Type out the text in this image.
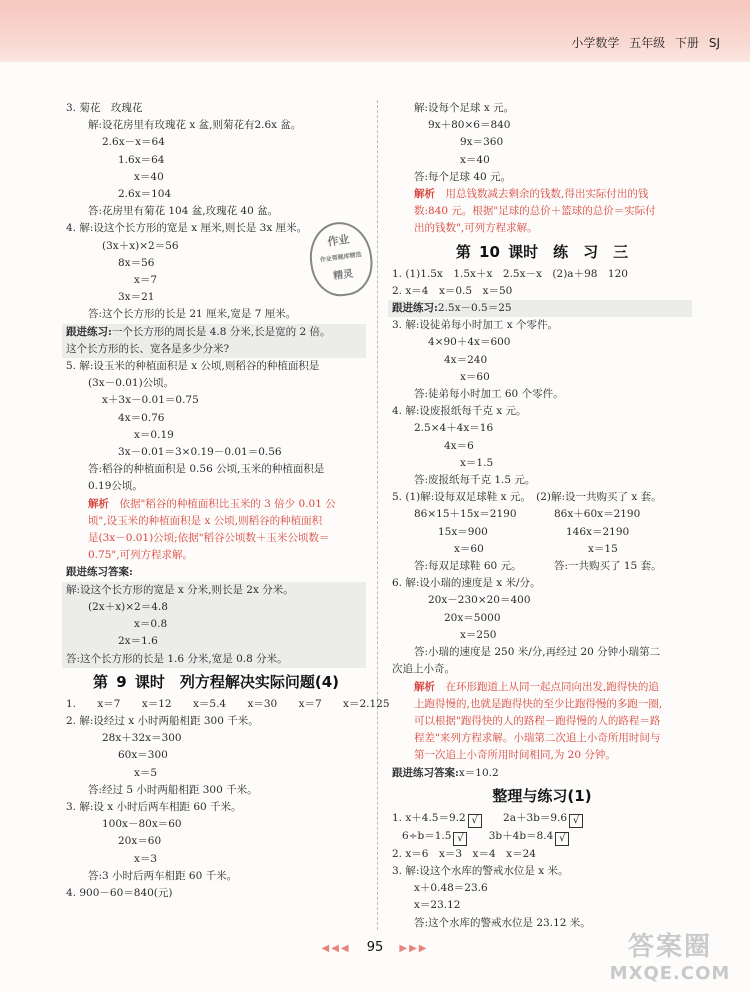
小学数学 五年级 下册 SJ
3. 菊花　玫瑰花
解:设花房里有玫瑰花 x 盆,则菊花有2.6x 盆。
2.6x－x＝64
1.6x＝64
x＝40
2.6x＝104
答:花房里有菊花 104 盆,玫瑰花 40 盆。
4. 解:设这个长方形的宽是 x 厘米,则长是 3x 厘米。
(3x＋x)×2＝56
8x＝56
x＝7
3x＝21
答:这个长方形的长是 21 厘米,宽是 7 厘米。
跟进练习:一个长方形的周长是 4.8 分米,长是宽的 2 倍。
这个长方形的长、宽各是多少分米?
5. 解:设玉米的种植面积是 x 公顷,则稻谷的种植面积是
(3x－0.01)公顷。
x＋3x－0.01＝0.75
4x＝0.76
x＝0.19
3x－0.01＝3×0.19－0.01＝0.56
答:稻谷的种植面积是 0.56 公顷,玉米的种植面积是
0.19公顷。
解析　 依据"稻谷的种植面积比玉米的 3 倍少 0.01 公
顷",设玉米的种植面积是 x 公顷,则稻谷的种植面积
是(3x－0.01)公顷;依据"稻谷公顷数＋玉米公顷数＝
0.75",可列方程求解。
跟进练习答案:
解:设这个长方形的宽是 x 分米,则长是 2x 分米。
(2x＋x)×2＝4.8
x＝0.8
2x＝1.6
答:这个长方形的长是 1.6 分米,宽是 0.8 分米。
第 9 课时　列方程解决实际问题(4)
1. x＝7 x＝12 x＝5.4 x＝30 x＝7 x＝2.125
2. 解:设经过 x 小时两船相距 300 千米。
28x＋32x＝300
60x＝300
x＝5
答:经过 5 小时两船相距 300 千米。
3. 解:设 x 小时后两车相距 60 千米。
100x－80x＝60
20x＝60
x＝3
答:3 小时后两车相距 60 千米。
4. 900－60＝840(元)
作业
作业帮题库精选
精灵
解:设每个足球 x 元。
9x＋80×6＝840
9x＝360
x＝40
答:每个足球 40 元。
解析　 用总钱数减去剩余的钱数,得出实际付出的钱
数:840 元。根据"足球的总价＋篮球的总价＝实际付
出的钱数",可列方程求解。
第 10 课时　练　习　三
1. (1)1.5x　1.5x＋x　2.5x－x　(2)a＋98　120
2. x＝4　x＝0.5　x＝50
跟进练习:2.5x－0.5＝25
3. 解:设徒弟每小时加工 x 个零件。
4×90＋4x＝600
4x＝240
x＝60
答:徒弟每小时加工 60 个零件。
4. 解:设废报纸每千克 x 元。
2.5×4＋4x＝16
4x＝6
x＝1.5
答:废报纸每千克 1.5 元。
5. (1)解:设每双足球鞋 x 元。　 (2)解:设一共购买了 x 套。
86×15＋15x＝2190	86x＋60x＝2190
15x＝900	146x＝2190
x＝60	x＝15
答:每双足球鞋 60 元。	答:一共购买了 15 套。
6. 解:设小瑞的速度是 x 米/分。
20x－230×20＝400
20x＝5000
x＝250
答:小瑞的速度是 250 米/分,再经过 20 分钟小瑞第二
次追上小奇。
解析　 在环形跑道上从同一起点同向出发,跑得快的追
上跑得慢的,也就是跑得快的至少比跑得慢的多跑一圈,
可以根据"跑得快的人的路程－跑得慢的人的路程＝路
程差"来列方程求解。小瑞第二次追上小奇所用时间与
第一次追上小奇所用时间相同,为 20 分钟。
跟进练习答案:x＝10.2
整理与练习(1)
1. x＋4.5＝9.2 √ 2a＋3b＝9.6 √
6÷b＝1.5 √ 3b＋4b＝8.4 √
2. x＝6　x＝3　x＝4　x＝24
3. 解:设这个水库的警戒水位是 x 米。
x＋0.48＝23.6
x＝23.12
答:这个水库的警戒水位是 23.12 米。
◀◀◀ 95 ▶▶▶	答案圈
MXQE.COM
